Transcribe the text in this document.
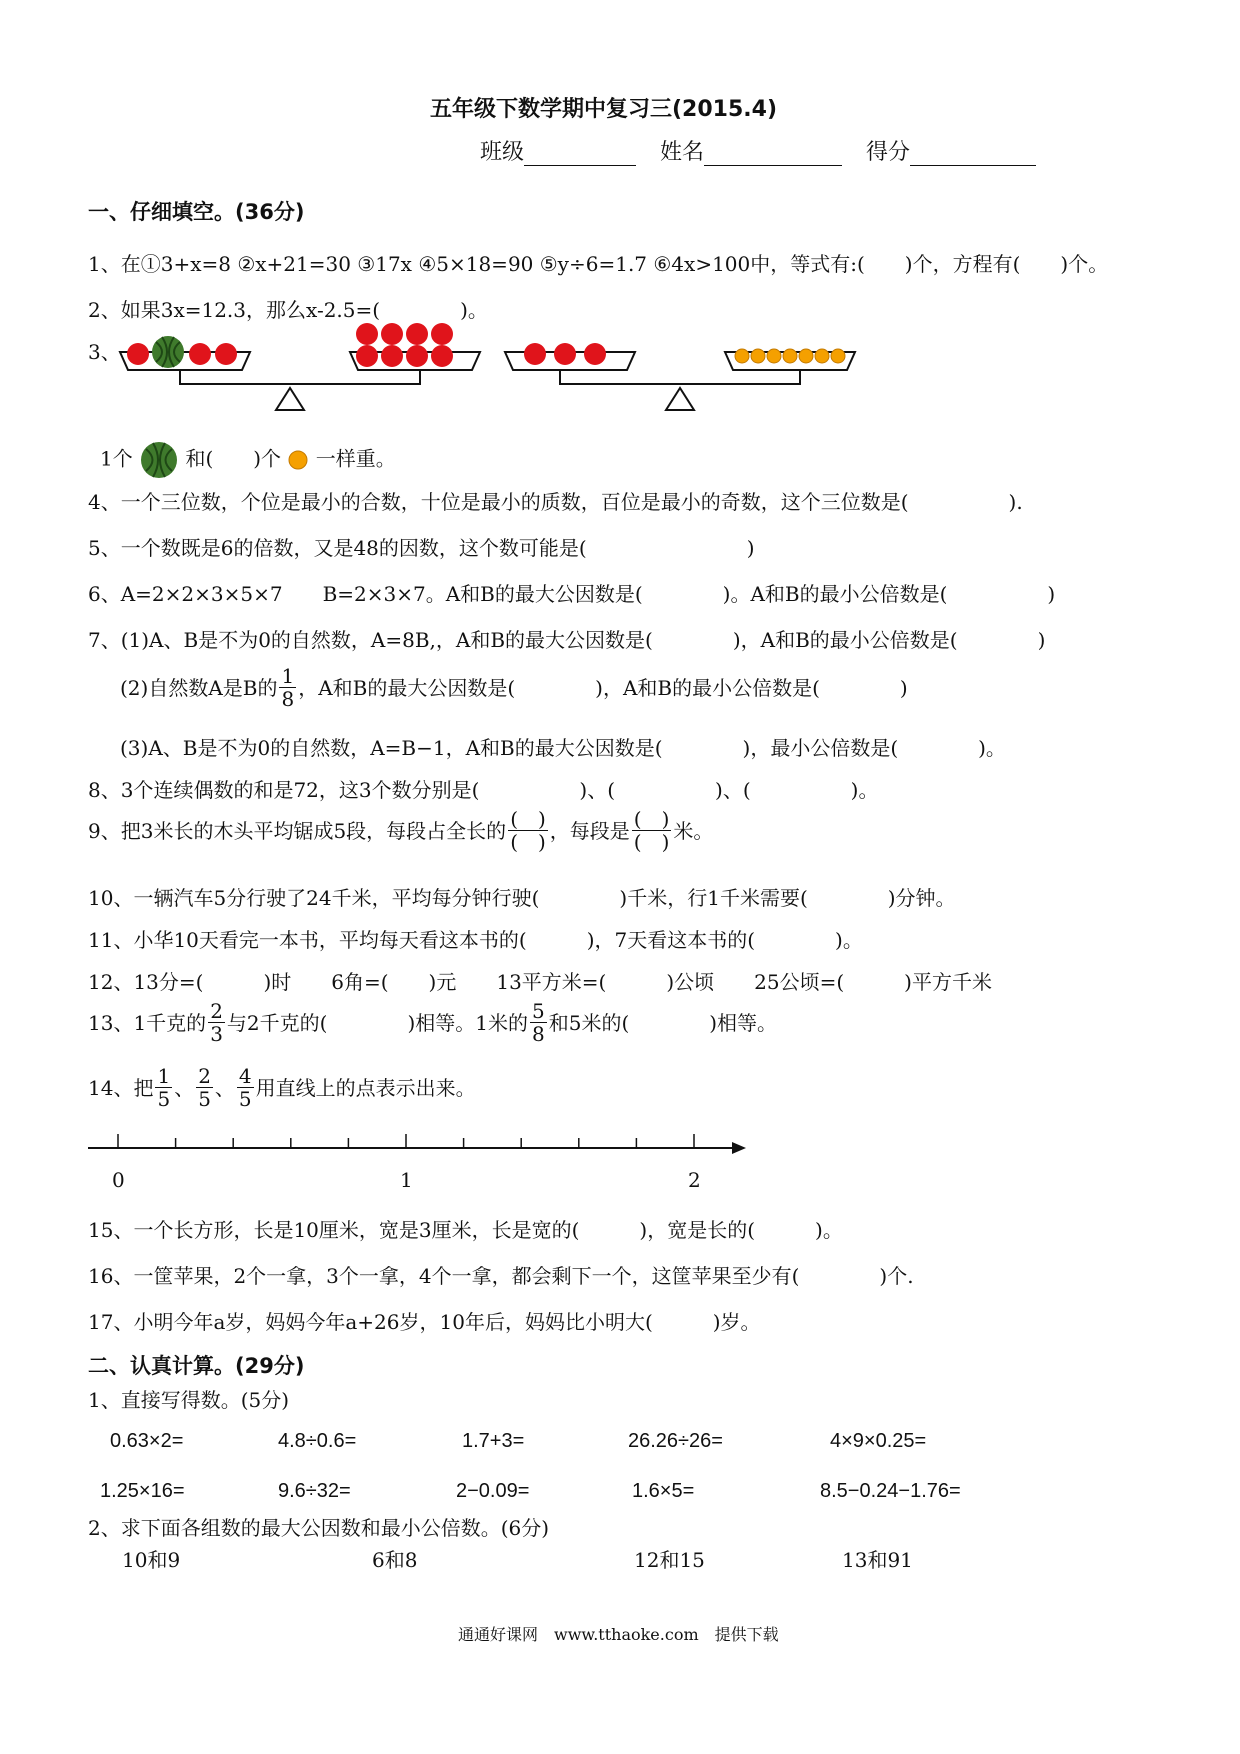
五年级下数学期中复习三(2015.4)
班级	姓名	得分
一、仔细填空。(36分)
1、在①3+x=8 ②x+21=30 ③17x ④5×18=90 ⑤y÷6=1.7 ⑥4x>100中，等式有:(　　)个，方程有(　　)个。
2、如果3x=12.3，那么x-2.5=(　　　　)。
3、
1个	和(　　)个 一样重。
4、一个三位数，个位是最小的合数，十位是最小的质数，百位是最小的奇数，这个三位数是(　　　　　).
5、一个数既是6的倍数，又是48的因数，这个数可能是(　　　　　　　　)
6、A=2×2×3×5×7　　B=2×3×7。A和B的最大公因数是(　　　　)。A和B的最小公倍数是(　　　　　)
7、(1)A、B是不为0的自然数，A=8B,，A和B的最大公因数是(　　　　)，A和B的最小公倍数是(　　　　)
(2)自然数A是B的 $\frac{1}{8}$ ，A和B的最大公因数是(　　　　)，A和B的最小公倍数是(　　　　)
(3)A、B是不为0的自然数，A=B−1，A和B的最大公因数是(　　　　)，最小公倍数是(　　　　)。
8、3个连续偶数的和是72，这3个数分别是(　　　　　)、(　　　　　)、(　　　　　)。
9、把3米长的木头平均锯成5段，每段占全长的 $\frac{( )}{( )}$ ，每段是 $\frac{( )}{( )}$ 米。
10、一辆汽车5分行驶了24千米，平均每分钟行驶(　　　　)千米，行1千米需要(　　　　)分钟。
11、小华10天看完一本书，平均每天看这本书的(　　　)，7天看这本书的(　　　　)。
12、13分=(　　　)时　　6角=(　　)元　　13平方米=(　　　)公顷　　25公顷=(　　　)平方千米
13、1千克的 $\frac{2}{3}$ 与2千克的(　　　　)相等。1米的 $\frac{5}{8}$ 和5米的(　　　　)相等。
14、把 $\frac{1}{5}$ 、 $\frac{2}{5}$ 、 $\frac{4}{5}$ 用直线上的点表示出来。
0	1	2
15、一个长方形，长是10厘米，宽是3厘米，长是宽的(　　　)，宽是长的(　　　)。
16、一筐苹果，2个一拿，3个一拿，4个一拿，都会剩下一个，这筐苹果至少有(　　　　)个.
17、小明今年a岁，妈妈今年a+26岁，10年后，妈妈比小明大(　　　)岁。
二、认真计算。(29分)
1、直接写得数。(5分)
0.63×2=	4.8÷0.6=	1.7+3=	26.26÷26=	4×9×0.25=
1.25×16=	9.6÷32=	2−0.09=	1.6×5=	8.5−0.24−1.76=
2、求下面各组数的最大公因数和最小公倍数。(6分)
10和9	6和8	12和15	13和91
通通好课网　www.tthaoke.com　提供下载
